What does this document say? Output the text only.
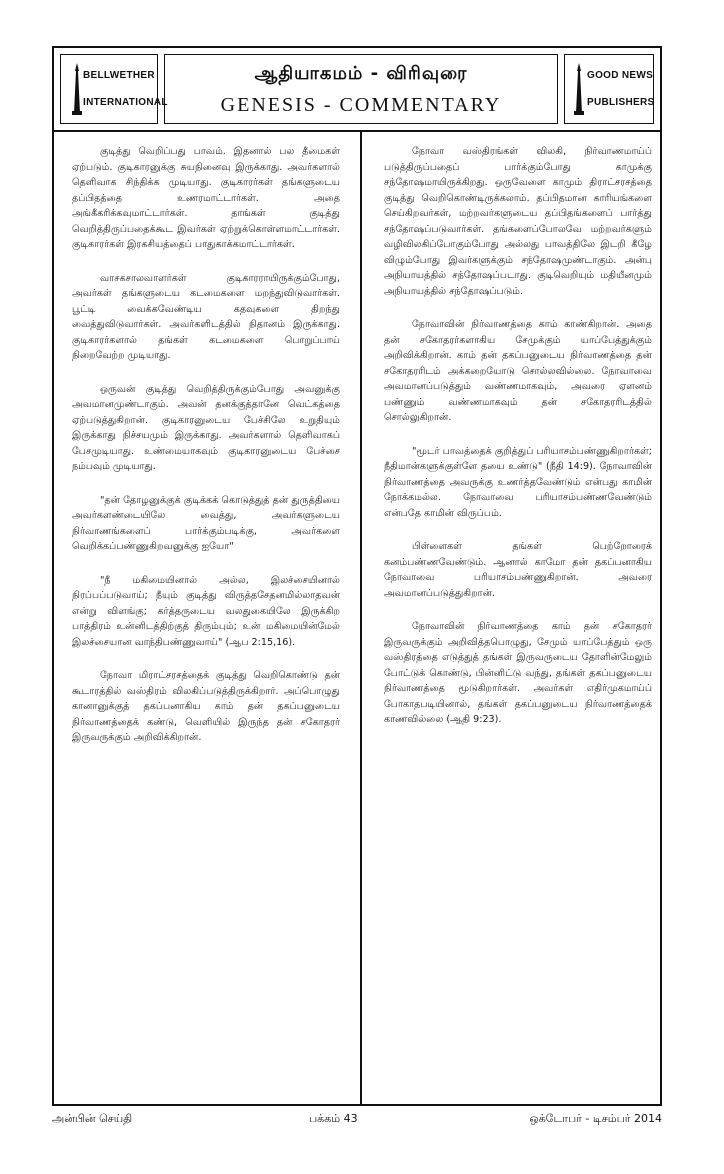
BELLWETHER
INTERNATIONAL
ஆதியாகமம் - விரிவுரை
GENESIS - COMMENTARY
GOOD NEWS
PUBLISHERS

குடித்து வெறிப்பது பாவம். இதனால் பல தீமைகள் ஏற்படும். குடிகாரனுக்கு சுயநினைவு இருக்காது. அவர்களால் தெளிவாக சிந்திக்க முடியாது. குடிகாரர்கள் தங்களுடைய தப்பிதத்தை உணரமாட்டார்கள். அதை அங்கீகரிக்கவுமாட்டார்கள். தாங்கள் குடித்து வெறித்திருப்பதைக்கூட இவர்கள் ஏற்றுக்கொள்ளமாட்டார்கள். குடிகாரர்கள் இரகசியத்தைப் பாதுகாக்கமாட்டார்கள்.

வாசகசாலவாளர்கள் குடிகாரராயிருக்கும்போது, அவர்கள் தங்களுடைய கடமைகளை மறந்துவிடுவார்கள். பூட்டி வைக்கவேண்டிய கதவுகளை திறந்து வைத்துவிடுவார்கள். அவர்களிடத்தில் நிதானம் இருக்காது. குடிகாரர்களால் தங்கள் கடமைகளை பொறுப்பாய் நிறைவேற்ற முடியாது.

ஒருவன் குடித்து வெறித்திருக்கும்போது அவனுக்கு அவமானமுண்டாகும். அவன் தனக்குத்தானே வெட்கத்தை ஏற்படுத்துகிறான். குடிகாரனுடைய பேச்சிலே உறுதியும் இருக்காது நிச்சயமும் இருக்காது. அவர்களால் தெளிவாகப் பேசமுடியாது. உண்மையாகவும் குடிகாரனுடைய பேச்சை நம்பவும் முடியாது.

"தன் தோழனுக்குக் குடிக்கக் கொடுத்துத் தன் துருத்தியை அவர்களண்டையிலே வைத்து, அவர்களுடைய நிர்வாணங்களைப் பார்க்கும்படிக்கு, அவர்களை வெறிக்கப்பண்ணுகிறவனுக்கு ஐயோ"

"நீ மகிமையினால் அல்ல, இலச்சையினால் நிரப்பப்படுவாய்; நீயும் குடித்து விருத்தசேதனமில்லாதவன் என்று விளங்கு; கர்த்தருடைய வலதுகையிலே இருக்கிற பாத்திரம் உன்னிடத்திற்குத் திரும்பும்; உன் மகிமையின்மேல் இலச்சையான வாந்திபண்ணுவாய்" (ஆப 2:15,16).

நோவா மிராட்சரசத்தைக் குடித்து வெறிகொண்டு தன் கூடாரத்தில் வஸ்திரம் விலகிப்படுத்திருக்கிறார். அப்பொழுது கானானுக்குத் தகப்பனாகிய காம் தன் தகப்பனுடைய நிர்வாணத்தைக் கண்டு, வெளியில் இருந்த தன் சகோதரர் இருவருக்கும் அறிவிக்கிறான்.

நோவா வஸ்திரங்கள் விலகி, நிர்வாணமாய்ப் படுத்திருப்பதைப் பார்க்கும்போது காமுக்கு சந்தோஷமாயிருக்கிறது. ஒருவேளை காமும் திராட்சரசத்தை குடித்து வெறிகொண்டிருக்கலாம். தப்பிதமான காரியங்களை செய்கிறவர்கள், மற்றவர்களுடைய தப்பிதங்களைப் பார்த்து சந்தோஷப்படுவார்கள். தங்களைப்போலவே மற்றவர்களும் வழிவிலகிப்போகும்போது அல்லது பாவத்திலே இடறி கீழே விழும்போது இவர்களுக்கும் சந்தோஷமுண்டாகும். அன்பு அநியாயத்தில் சந்தோஷப்படாது. குடிவெறியும் மதியீனமும் அநியாயத்தில் சந்தோஷப்படும்.

நோவாவின் நிர்வாணத்தை காம் காண்கிறான். அதை தன் சகோதரர்களாகிய சேமுக்கும் யாப்பேத்துக்கும் அறிவிக்கிறான். காம் தன் தகப்பனுடைய நிர்வாணத்தை தன் சகோதரரிடம் அக்கறையோடு சொல்லவில்லை. நோவாவை அவமானப்படுத்தும் வண்ணமாகவும், அவரை ஏளனம் பண்ணும் வண்ணமாகவும் தன் சகோதரரிடத்தில் சொல்லுகிறான்.

"மூடர் பாவத்தைக் குறித்துப் பரியாசம்பண்ணுகிறார்கள்; நீதிமான்களுக்குள்ளே தயை உண்டு" (நீதி 14:9). நோவாவின் நிர்வாணத்தை அவருக்கு உணர்த்தவேண்டும் என்பது காமின் நோக்கமல்ல. நோவாவை பரியாசம்பண்ணவேண்டும் என்பதே காமின் விருப்பம்.

பிள்ளைகள் தங்கள் பெற்றோரைக் கனம்பண்ணவேண்டும். ஆனால் காமோ தன் தகப்பனாகிய நோவாவை பரியாசம்பண்ணுகிறான். அவரை அவமானப்படுத்துகிறான்.

நோவாவின் நிர்வாணத்தை காம் தன் சகோதரர் இருவருக்கும் அறிவித்தபொழுது, சேமும் யாப்பேத்தும் ஒரு வஸ்திரத்தை எடுத்துத் தங்கள் இருவருடைய தோளின்மேலும் போட்டுக் கொண்டு, பின்னிட்டு வந்து, தங்கள் தகப்பனுடைய நிர்வாணத்தை மூடுகிறார்கள். அவர்கள் எதிர்முகமாய்ப் போகாதபடியினால், தங்கள் தகப்பனுடைய நிர்வாணத்தைக் காணவில்லை (ஆதி 9:23).

அன்பின் செய்தி	பக்கம் 43	ஒக்டோபர் - டிசம்பர் 2014
